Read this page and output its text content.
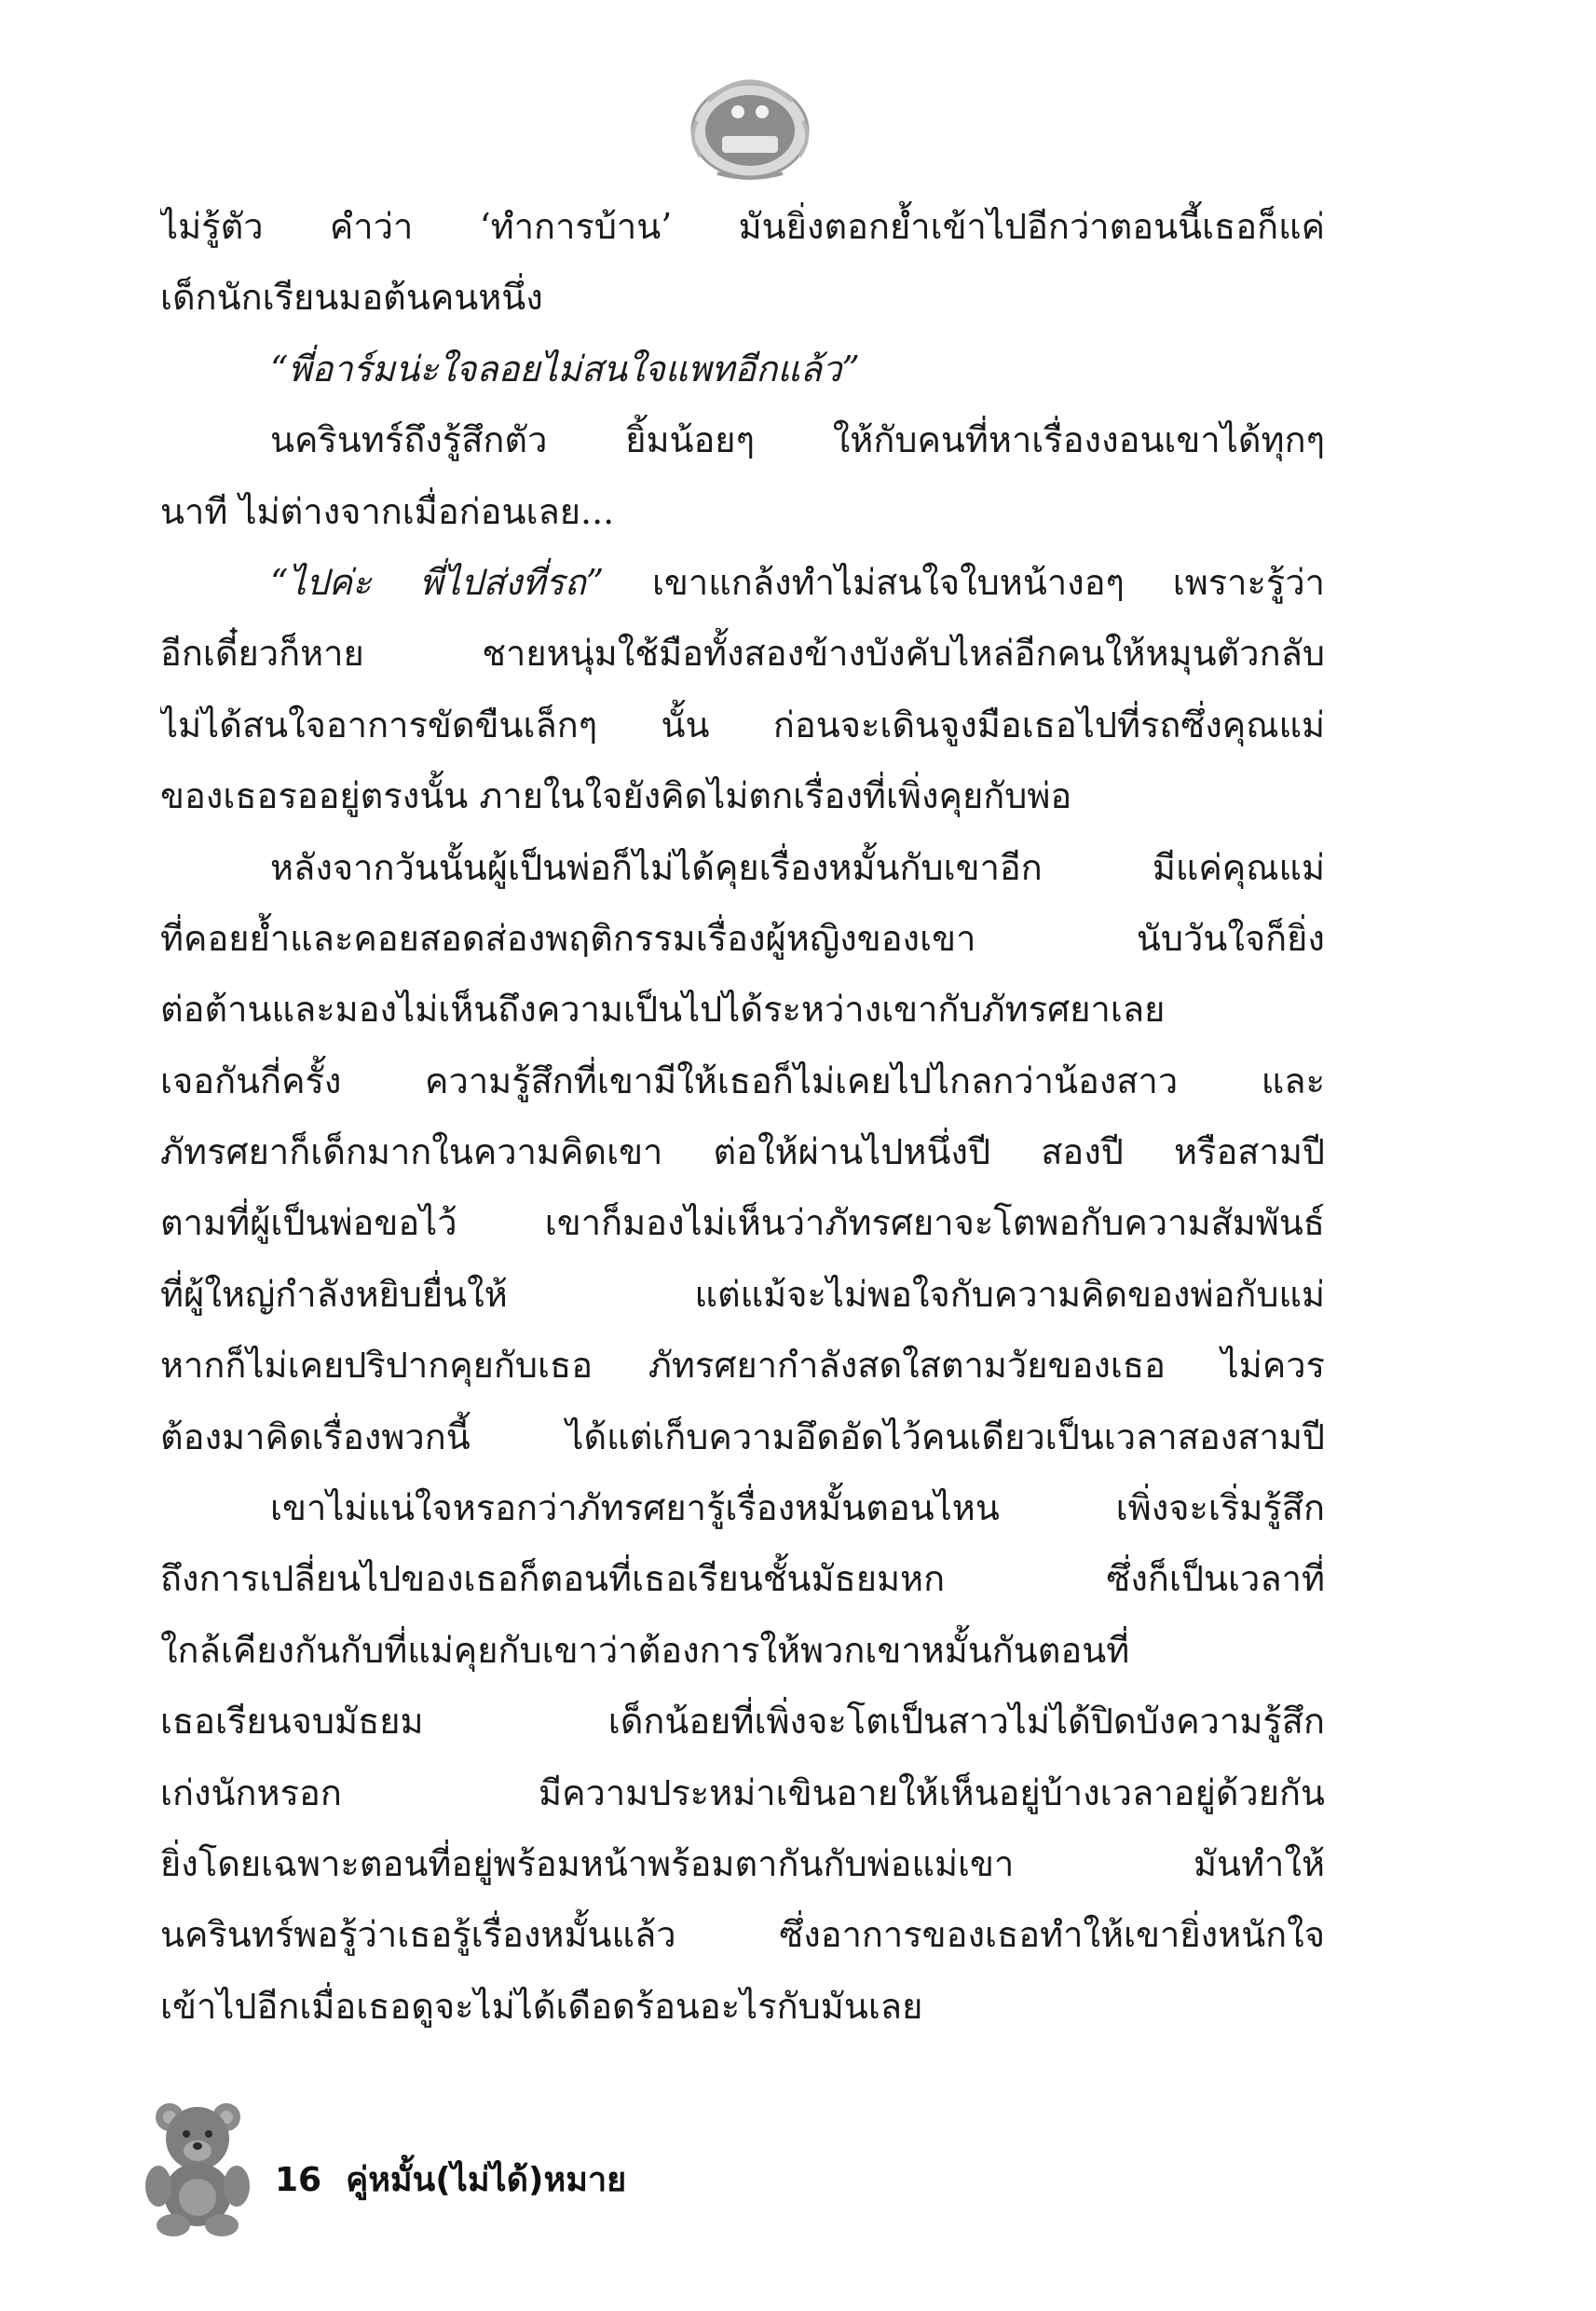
ไม่รู้ตัว คำว่า ‘ทำการบ้าน’ มันยิ่งตอกย้ำเข้าไปอีกว่าตอนนี้เธอก็แค่
เด็กนักเรียนมอต้นคนหนึ่ง
“พี่อาร์มน่ะใจลอยไม่สนใจแพทอีกแล้ว”
นครินทร์ถึงรู้สึกตัว ยิ้มน้อยๆ ให้กับคนที่หาเรื่องงอนเขาได้ทุกๆ
นาที ไม่ต่างจากเมื่อก่อนเลย...
“ไปค่ะ พี่ไปส่งที่รถ” เขาแกล้งทำไม่สนใจใบหน้างอๆ เพราะรู้ว่า
อีกเดี๋ยวก็หาย ชายหนุ่มใช้มือทั้งสองข้างบังคับไหล่อีกคนให้หมุนตัวกลับ
ไม่ได้สนใจอาการขัดขืนเล็กๆ นั้น ก่อนจะเดินจูงมือเธอไปที่รถซึ่งคุณแม่
ของเธอรออยู่ตรงนั้น ภายในใจยังคิดไม่ตกเรื่องที่เพิ่งคุยกับพ่อ
หลังจากวันนั้นผู้เป็นพ่อก็ไม่ได้คุยเรื่องหมั้นกับเขาอีก มีแค่คุณแม่
ที่คอยย้ำและคอยสอดส่องพฤติกรรมเรื่องผู้หญิงของเขา นับวันใจก็ยิ่ง
ต่อต้านและมองไม่เห็นถึงความเป็นไปได้ระหว่างเขากับภัทรศยาเลย
เจอกันกี่ครั้ง ความรู้สึกที่เขามีให้เธอก็ไม่เคยไปไกลกว่าน้องสาว และ
ภัทรศยาก็เด็กมากในความคิดเขา ต่อให้ผ่านไปหนึ่งปี สองปี หรือสามปี
ตามที่ผู้เป็นพ่อขอไว้ เขาก็มองไม่เห็นว่าภัทรศยาจะโตพอกับความสัมพันธ์
ที่ผู้ใหญ่กำลังหยิบยื่นให้ แต่แม้จะไม่พอใจกับความคิดของพ่อกับแม่
หากก็ไม่เคยปริปากคุยกับเธอ ภัทรศยากำลังสดใสตามวัยของเธอ ไม่ควร
ต้องมาคิดเรื่องพวกนี้ ได้แต่เก็บความอึดอัดไว้คนเดียวเป็นเวลาสองสามปี
เขาไม่แน่ใจหรอกว่าภัทรศยารู้เรื่องหมั้นตอนไหน เพิ่งจะเริ่มรู้สึก
ถึงการเปลี่ยนไปของเธอก็ตอนที่เธอเรียนชั้นมัธยมหก ซึ่งก็เป็นเวลาที่
ใกล้เคียงกันกับที่แม่คุยกับเขาว่าต้องการให้พวกเขาหมั้นกันตอนที่
เธอเรียนจบมัธยม เด็กน้อยที่เพิ่งจะโตเป็นสาวไม่ได้ปิดบังความรู้สึก
เก่งนักหรอก มีความประหม่าเขินอายให้เห็นอยู่บ้างเวลาอยู่ด้วยกัน
ยิ่งโดยเฉพาะตอนที่อยู่พร้อมหน้าพร้อมตากันกับพ่อแม่เขา มันทำให้
นครินทร์พอรู้ว่าเธอรู้เรื่องหมั้นแล้ว ซึ่งอาการของเธอทำให้เขายิ่งหนักใจ
เข้าไปอีกเมื่อเธอดูจะไม่ได้เดือดร้อนอะไรกับมันเลย
16 คู่หมั้น(ไม่ได้)หมาย
